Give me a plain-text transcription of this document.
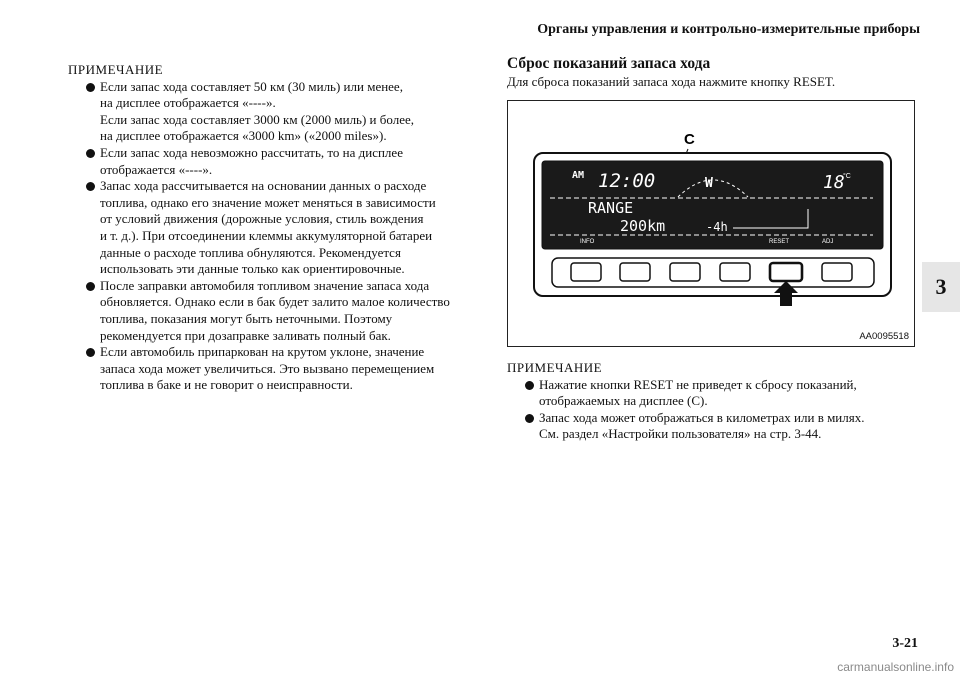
Органы управления и контрольно-измерительные приборы
3
ПРИМЕЧАНИЕ
Если запас хода составляет 50 км (30 миль) или менее,
на дисплее отображается «----».
Если запас хода составляет 3000 км (2000 миль) и более,
на дисплее отображается «3000 km» («2000 miles»).
Если запас хода невозможно рассчитать, то на дисплее
отображается «----».
Запас хода рассчитывается на основании данных о расходе
топлива, однако его значение может меняться в зависимости
от условий движения (дорожные условия, стиль вождения
и т. д.). При отсоединении клеммы аккумуляторной батареи
данные о расходе топлива обнуляются. Рекомендуется
использовать эти данные только как ориентировочные.
После заправки автомобиля топливом значение запаса хода
обновляется. Однако если в бак будет залито малое количество
топлива, показания могут быть неточными. Поэтому
рекомендуется при дозаправке заливать полный бак.
Если автомобиль припаркован на крутом уклоне, значение
запаса хода может увеличиться. Это вызвано перемещением
топлива в баке и не говорит о неисправности.
Сброс показаний запаса хода
Для сброса показаний запаса хода нажмите кнопку RESET.
C
AM 12:00	W	18
°C
RANGE
200km	-4h
INFO	RESET	ADJ
AA0095518
ПРИМЕЧАНИЕ
Нажатие кнопки RESET не приведет к сбросу показаний,
отображаемых на дисплее (C).
Запас хода может отображаться в километрах или в милях.
См. раздел «Настройки пользователя» на стр. 3-44.
3-21
carmanualsonline.info
